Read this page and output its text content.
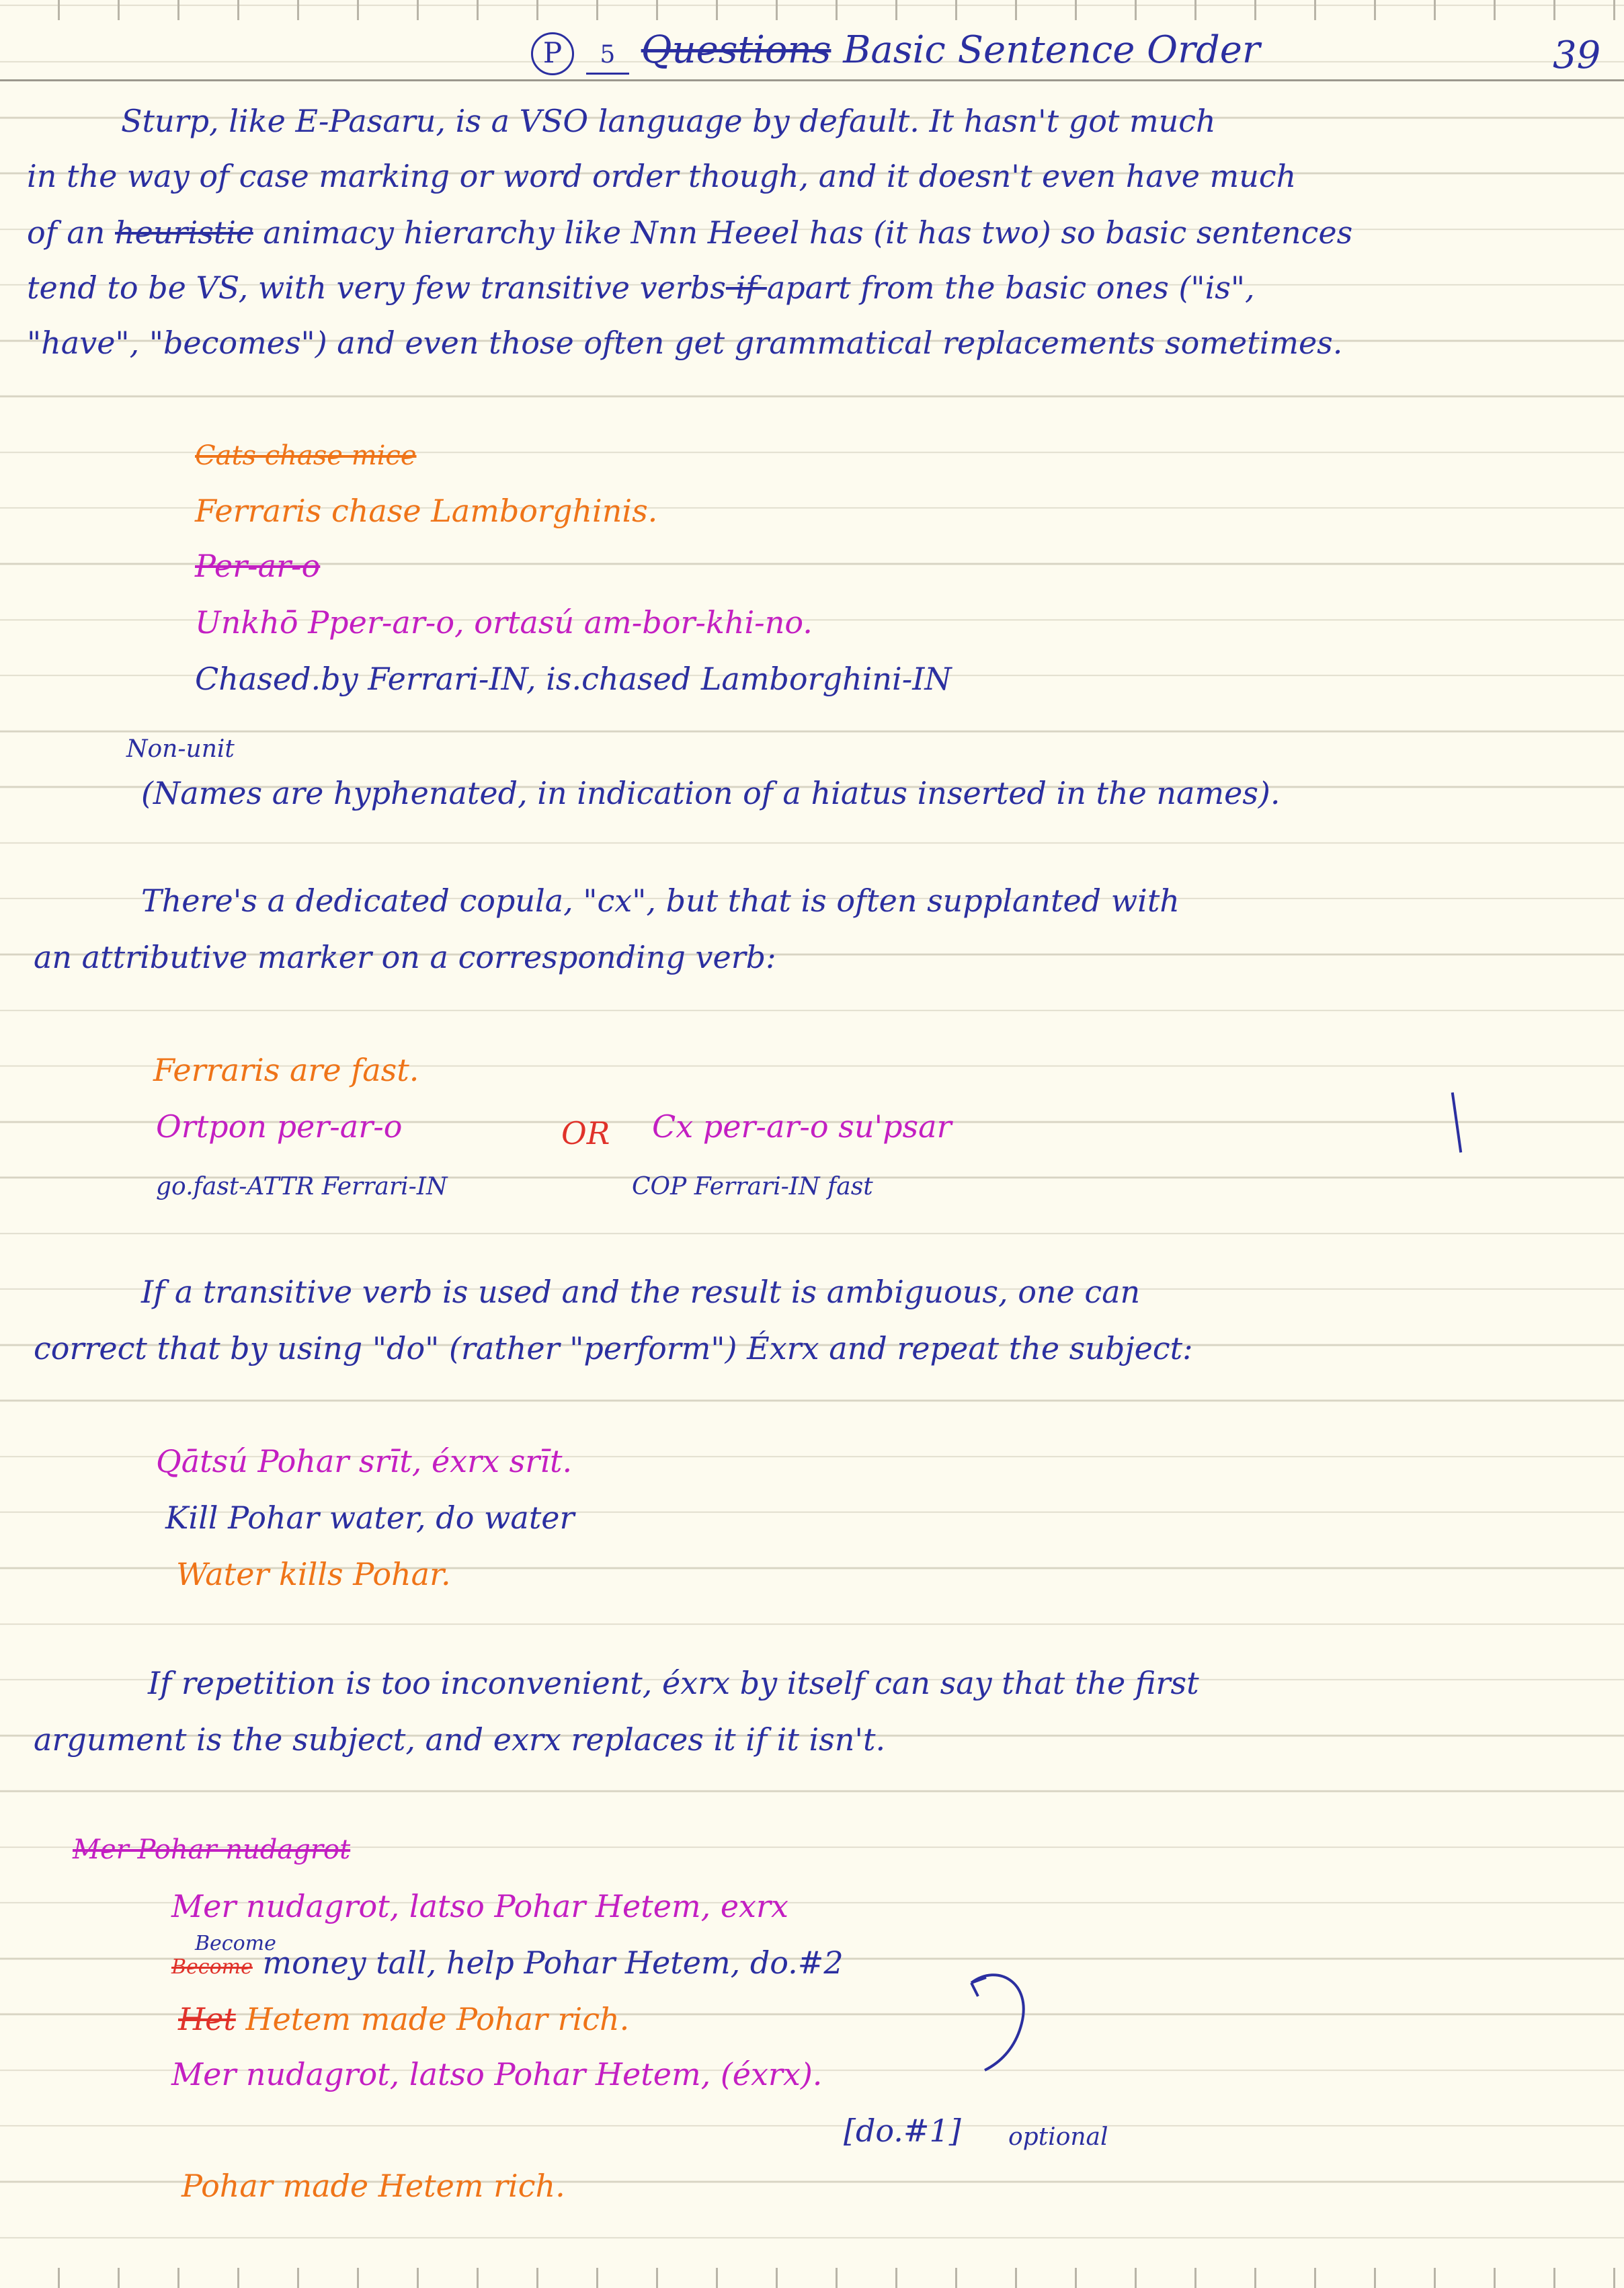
P 5 Questions Basic Sentence Order	39
Sturp, like E-Pasaru, is a VSO language by default. It hasn't got much
in the way of case marking or word order though, and it doesn't even have much
of an heuristic animacy hierarchy like Nnn Heeel has (it has two) so basic sentences
tend to be VS, with very few transitive verbs if apart from the basic ones ("is",
"have", "becomes") and even those often get grammatical replacements sometimes.
Cats chase mice
Ferraris chase Lamborghinis.
Per-ar-o
Unkhō Pper-ar-o, ortasú am-bor-khi-no.
Chased.by Ferrari-IN, is.chased Lamborghini-IN
Non-unit
(Names are hyphenated, in indication of a hiatus inserted in the names).
There's a dedicated copula, "cx", but that is often supplanted with
an attributive marker on a corresponding verb:
Ferraris are fast.
Ortpon per-ar-o	OR Cx per-ar-o su'psar
go.fast-ATTR Ferrari-IN	COP Ferrari-IN fast
If a transitive verb is used and the result is ambiguous, one can
correct that by using "do" (rather "perform") Éxrx and repeat the subject:
Qātsú Pohar srīt, éxrx srīt.
Kill Pohar water, do water
Water kills Pohar.
If repetition is too inconvenient, éxrx by itself can say that the first
argument is the subject, and exrx replaces it if it isn't.
Mer Pohar nudagrot
Mer nudagrot, latso Pohar Hetem, exrx
Become money tall, help Pohar Hetem, do.#2
Become
Het Hetem made Pohar rich.
Mer nudagrot, latso Pohar Hetem, (éxrx).
[do.#1] optional
Pohar made Hetem rich.
